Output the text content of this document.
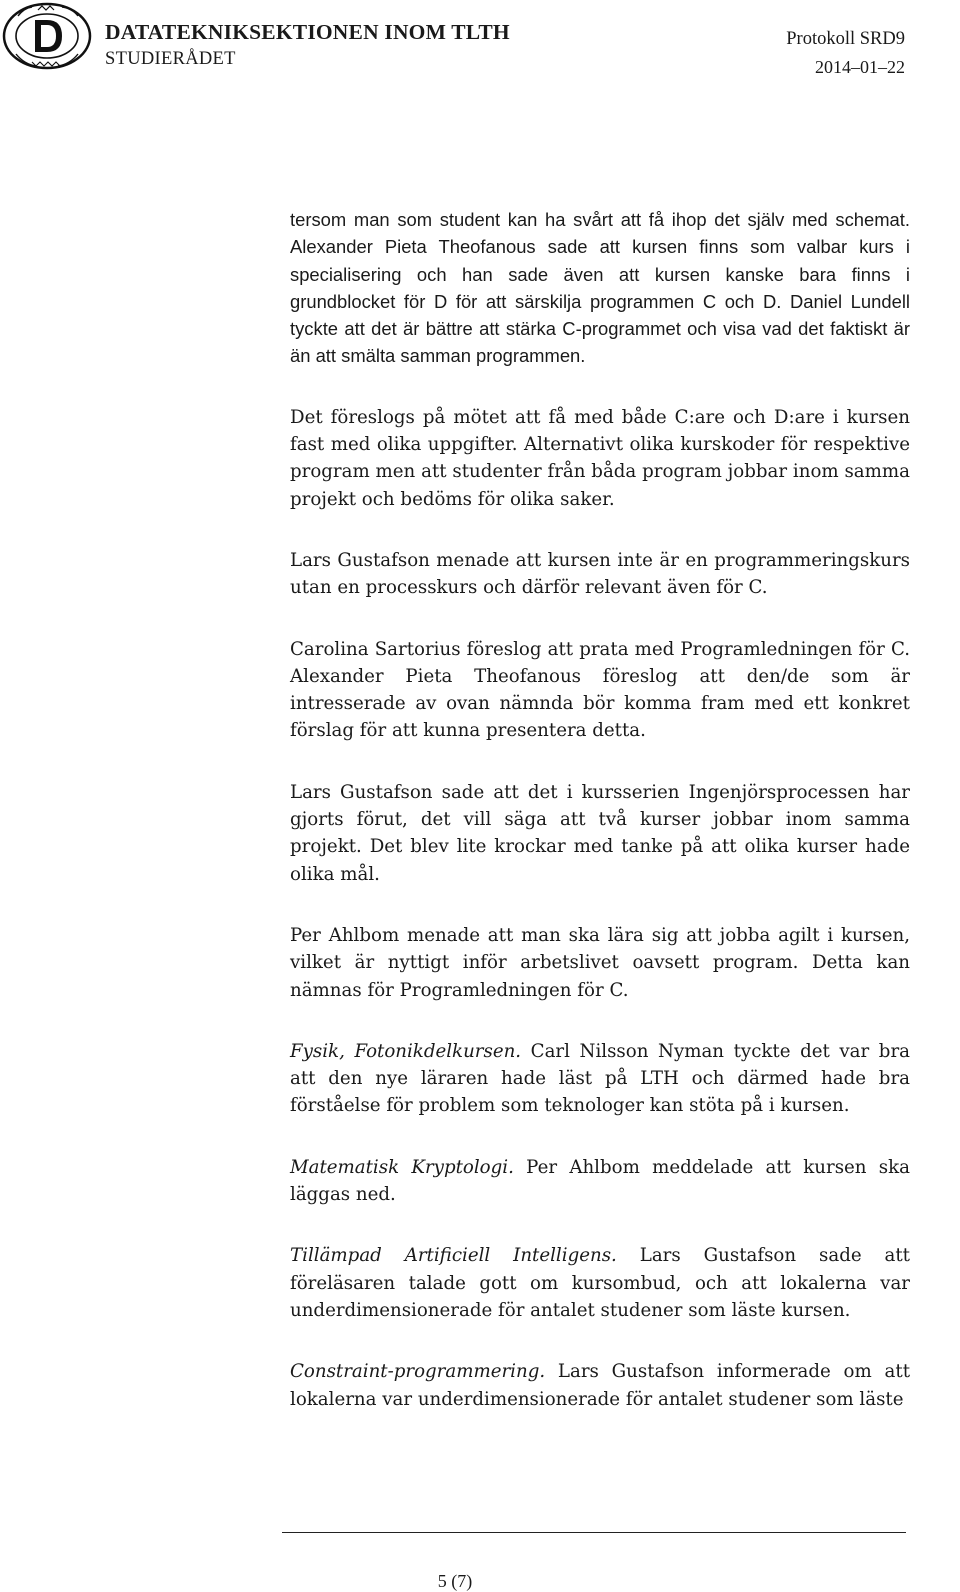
DATATEKNIKSEKTIONEN INOM TLTH
STUDIERÅDET
Protokoll SRD9
2014–01–22

tersom man som student kan ha svårt att få ihop det själv med schemat. Alexander Pieta Theofanous sade att kursen finns som valbar kurs i specialisering och han sade även att kursen kanske bara finns i grundblocket för D för att särskilja programmen C och D. Daniel Lundell tyckte att det är bättre att stärka C-programmet och visa vad det faktiskt är än att smälta samman programmen.

Det föreslogs på mötet att få med både C:are och D:are i kursen fast med olika uppgifter. Alternativt olika kurskoder för respektive program men att studenter från båda program jobbar inom samma projekt och bedöms för olika saker.

Lars Gustafson menade att kursen inte är en programmeringskurs utan en processkurs och därför relevant även för C.

Carolina Sartorius föreslog att prata med Programledningen för C. Alexander Pieta Theofanous föreslog att den/de som är intresserade av ovan nämnda bör komma fram med ett konkret förslag för att kunna presentera detta.

Lars Gustafson sade att det i kursserien Ingenjörsprocessen har gjorts förut, det vill säga att två kurser jobbar inom samma projekt. Det blev lite krockar med tanke på att olika kurser hade olika mål.

Per Ahlbom menade att man ska lära sig att jobba agilt i kursen, vilket är nyttigt inför arbetslivet oavsett program. Detta kan nämnas för Programledningen för C.

Fysik, Fotonikdelkursen. Carl Nilsson Nyman tyckte det var bra att den nye läraren hade läst på LTH och därmed hade bra förståelse för problem som teknologer kan stöta på i kursen.

Matematisk Kryptologi. Per Ahlbom meddelade att kursen ska läggas ned.

Tillämpad Artificiell Intelligens. Lars Gustafson sade att föreläsaren talade gott om kursombud, och att lokalerna var underdimensionerade för antalet studener som läste kursen.

Constraint-programmering. Lars Gustafson informerade om att lokalerna var underdimensionerade för antalet studener som läste

5 (7)
